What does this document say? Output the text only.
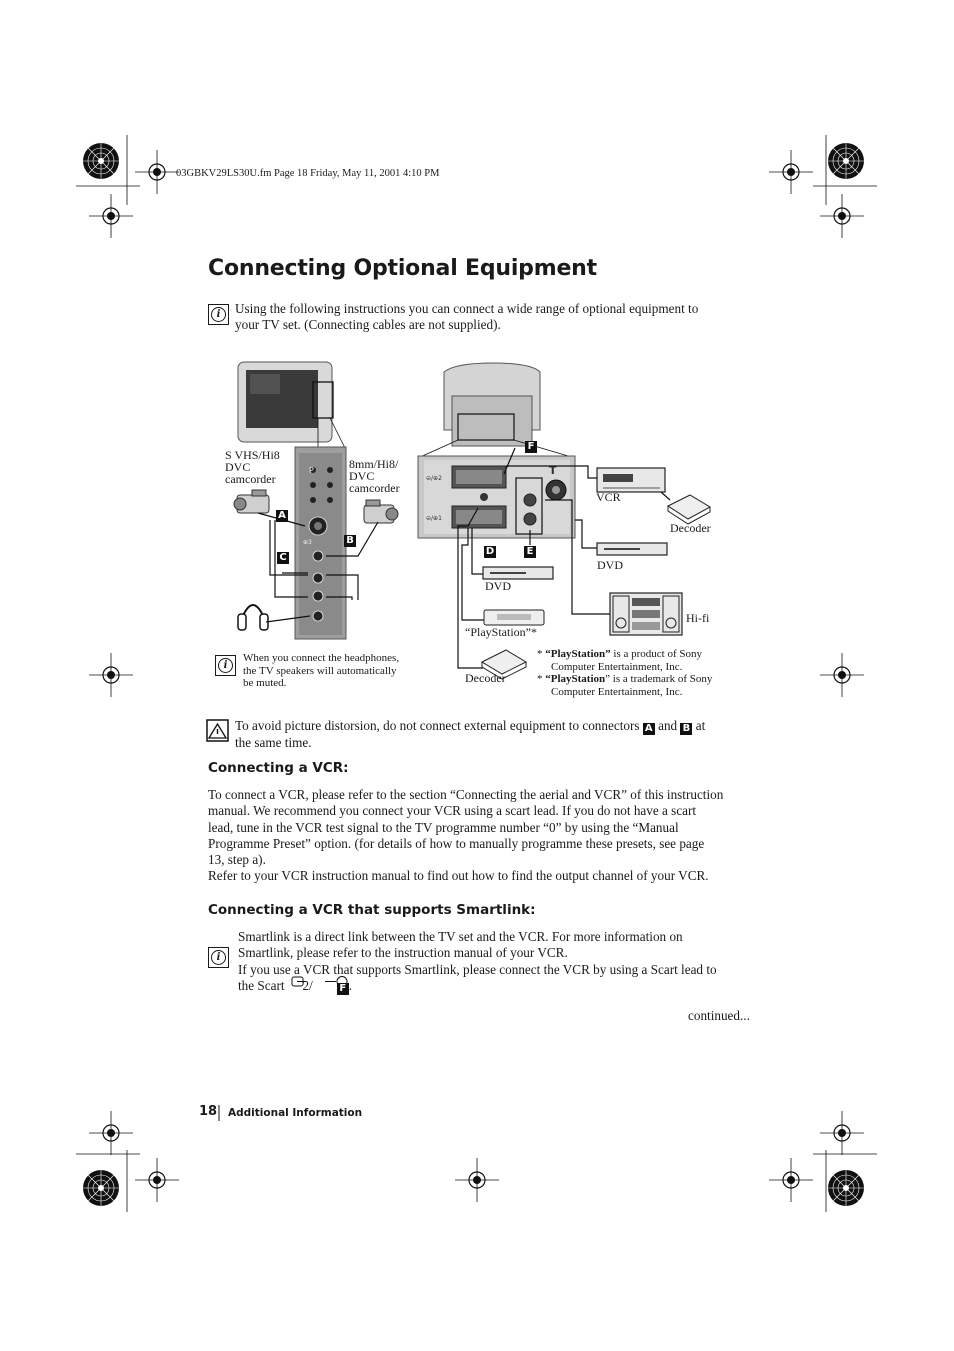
P
⊕3
⊖/⊕2
⊖/⊕1
T
03GBKV29LS30U.fm Page 18 Friday, May 11, 2001 4:10 PM
Connecting Optional Equipment
i	Using the following instructions you can connect a wide range of optional equipment to
your TV set. (Connecting cables are not supplied).
S VHS/Hi8
DVC
camcorder
8mm/Hi8/
DVC
camcorder
VCR
Decoder
DVD
DVD
Hi-fi
“PlayStation”*
Decoder
A
B
C
D	E
F
i
When you connect the headphones,
the TV speakers will automatically
be muted.
* “PlayStation” is a product of Sony
Computer Entertainment, Inc.
* “PlayStation” is a trademark of Sony
Computer Entertainment, Inc.
To avoid picture distorsion, do not connect external equipment to connectors A and B at
the same time.
Connecting a VCR:
To connect a VCR, please refer to the section “Connecting the aerial and VCR” of this instruction
manual. We recommend you connect your VCR using a scart lead. If you do not have a scart
lead, tune in the VCR test signal to the TV programme number “0” by using the “Manual
Programme Preset” option. (for details of how to manually programme these presets, see page
13, step a).
Refer to your VCR instruction manual to find out how to find the output channel of your VCR.
Connecting a VCR that supports Smartlink:
i
Smartlink is a direct link between the TV set and the VCR. For more information on
Smartlink, please refer to the instruction manual of your VCR.
If you use a VCR that supports Smartlink, please connect the VCR by using a Scart lead to
the Scart 2/	F .
continued...
18 Additional Information
